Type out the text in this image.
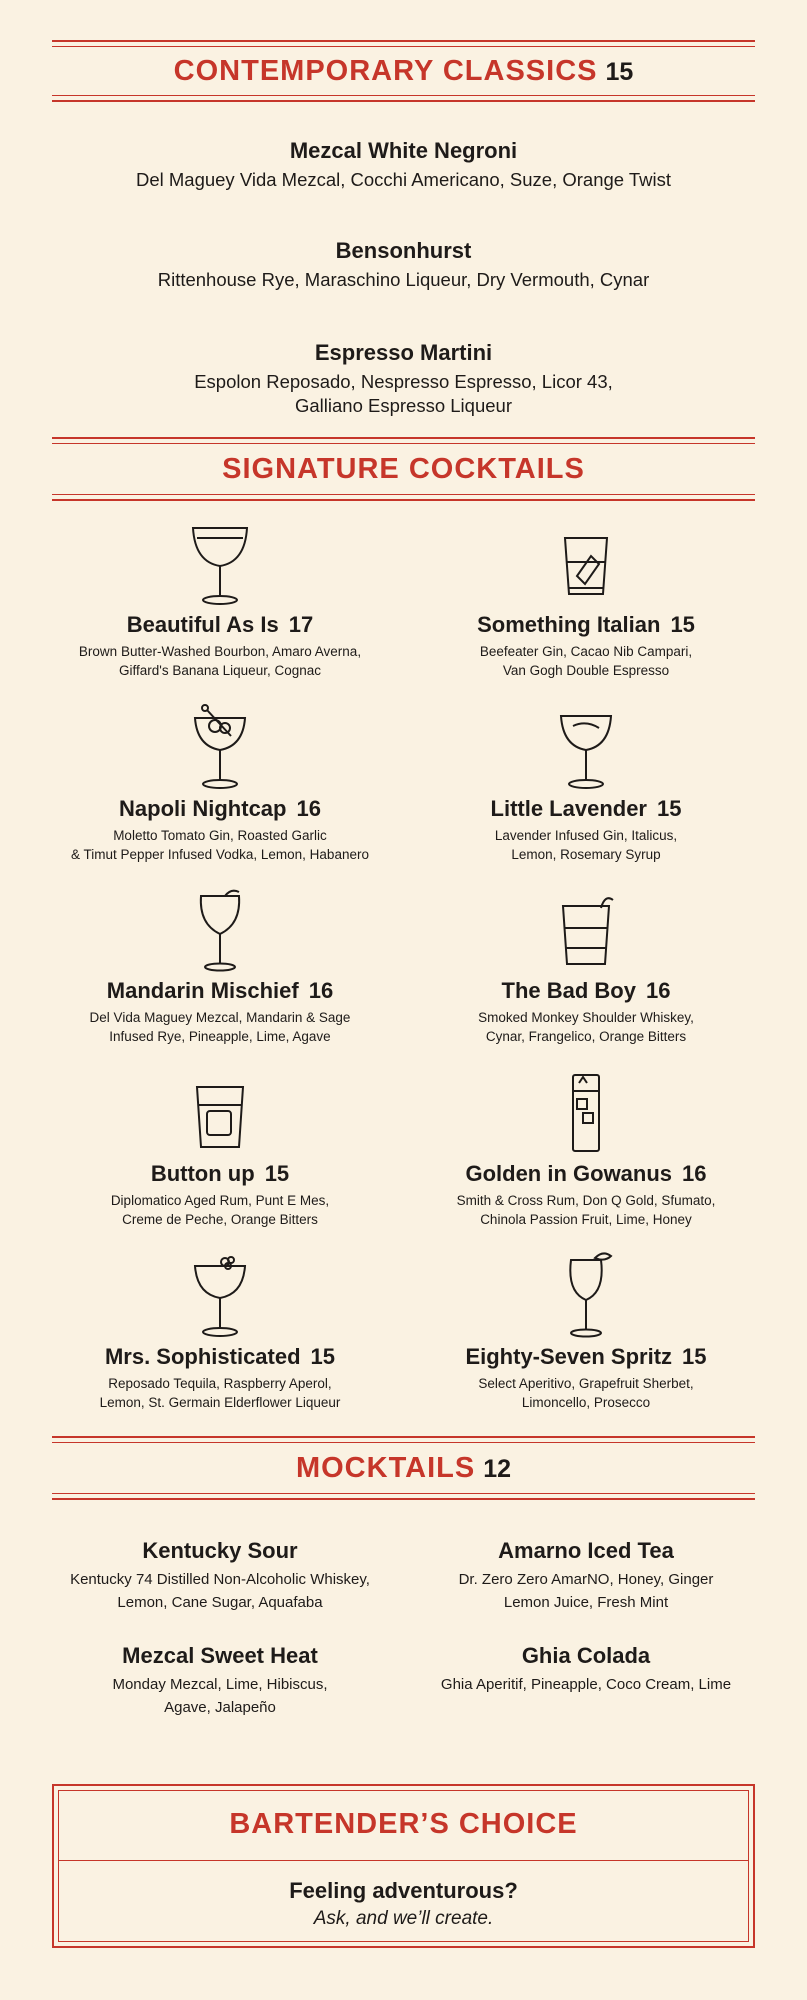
CONTEMPORARY CLASSICS 15
Mezcal White Negroni
Del Maguey Vida Mezcal, Cocchi Americano, Suze, Orange Twist
Bensonhurst
Rittenhouse Rye, Maraschino Liqueur, Dry Vermouth, Cynar
Espresso Martini
Espolon Reposado, Nespresso Espresso, Licor 43,
Galliano Espresso Liqueur
SIGNATURE COCKTAILS
Beautiful As Is 17
Brown Butter-Washed Bourbon, Amaro Averna,
Giffard's Banana Liqueur, Cognac
Something Italian 15
Beefeater Gin, Cacao Nib Campari,
Van Gogh Double Espresso
Napoli Nightcap 16
Moletto Tomato Gin, Roasted Garlic
& Timut Pepper Infused Vodka, Lemon, Habanero
Little Lavender 15
Lavender Infused Gin, Italicus,
Lemon, Rosemary Syrup
Mandarin Mischief 16
Del Vida Maguey Mezcal, Mandarin & Sage
Infused Rye, Pineapple, Lime, Agave
The Bad Boy 16
Smoked Monkey Shoulder Whiskey,
Cynar, Frangelico, Orange Bitters
Button up 15
Diplomatico Aged Rum, Punt E Mes,
Creme de Peche, Orange Bitters
Golden in Gowanus 16
Smith & Cross Rum, Don Q Gold, Sfumato,
Chinola Passion Fruit, Lime, Honey
Mrs. Sophisticated 15
Reposado Tequila, Raspberry Aperol,
Lemon, St. Germain Elderflower Liqueur
Eighty-Seven Spritz 15
Select Aperitivo, Grapefruit Sherbet,
Limoncello, Prosecco
MOCKTAILS 12
Kentucky Sour
Kentucky 74 Distilled Non-Alcoholic Whiskey,
Lemon, Cane Sugar, Aquafaba
Amarno Iced Tea
Dr. Zero Zero AmarNO, Honey, Ginger
Lemon Juice, Fresh Mint
Mezcal Sweet Heat
Monday Mezcal, Lime, Hibiscus,
Agave, Jalapeño
Ghia Colada
Ghia Aperitif, Pineapple, Coco Cream, Lime
BARTENDER’S CHOICE
Feeling adventurous?
Ask, and we’ll create.
